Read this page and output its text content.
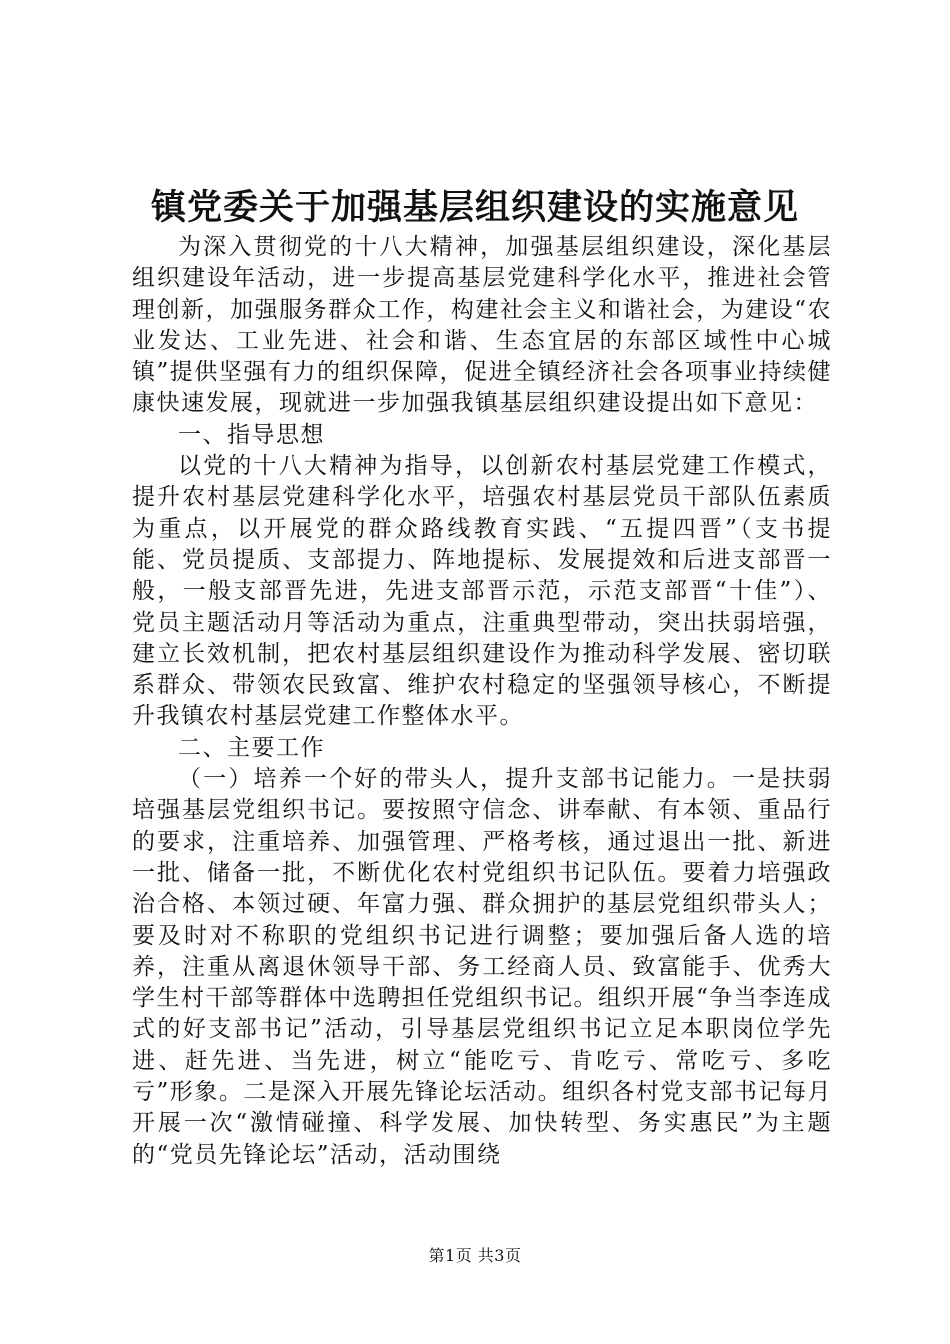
镇党委关于加强基层组织建设的实施意见

为深入贯彻党的十八大精神，加强基层组织建设，深化基层组织建设年活动，进一步提高基层党建科学化水平，推进社会管理创新，加强服务群众工作，构建社会主义和谐社会，为建设“农业发达、工业先进、社会和谐、生态宜居的东部区域性中心城镇”提供坚强有力的组织保障，促进全镇经济社会各项事业持续健康快速发展，现就进一步加强我镇基层组织建设提出如下意见：

一、指导思想

以党的十八大精神为指导，以创新农村基层党建工作模式，提升农村基层党建科学化水平，培强农村基层党员干部队伍素质为重点，以开展党的群众路线教育实践、“五提四晋”（支书提能、党员提质、支部提力、阵地提标、发展提效和后进支部晋一般，一般支部晋先进，先进支部晋示范，示范支部晋“十佳”）、党员主题活动月等活动为重点，注重典型带动，突出扶弱培强，建立长效机制，把农村基层组织建设作为推动科学发展、密切联系群众、带领农民致富、维护农村稳定的坚强领导核心，不断提升我镇农村基层党建工作整体水平。

二、主要工作

（一）培养一个好的带头人，提升支部书记能力。一是扶弱培强基层党组织书记。要按照守信念、讲奉献、有本领、重品行的要求，注重培养、加强管理、严格考核，通过退出一批、新进一批、储备一批，不断优化农村党组织书记队伍。要着力培强政治合格、本领过硬、年富力强、群众拥护的基层党组织带头人；要及时对不称职的党组织书记进行调整；要加强后备人选的培养，注重从离退休领导干部、务工经商人员、致富能手、优秀大学生村干部等群体中选聘担任党组织书记。组织开展“争当李连成式的好支部书记”活动，引导基层党组织书记立足本职岗位学先进、赶先进、当先进，树立“能吃亏、肯吃亏、常吃亏、多吃亏”形象。二是深入开展先锋论坛活动。组织各村党支部书记每月开展一次“激情碰撞、科学发展、加快转型、务实惠民”为主题的“党员先锋论坛”活动，活动围绕

第1页 共3页
